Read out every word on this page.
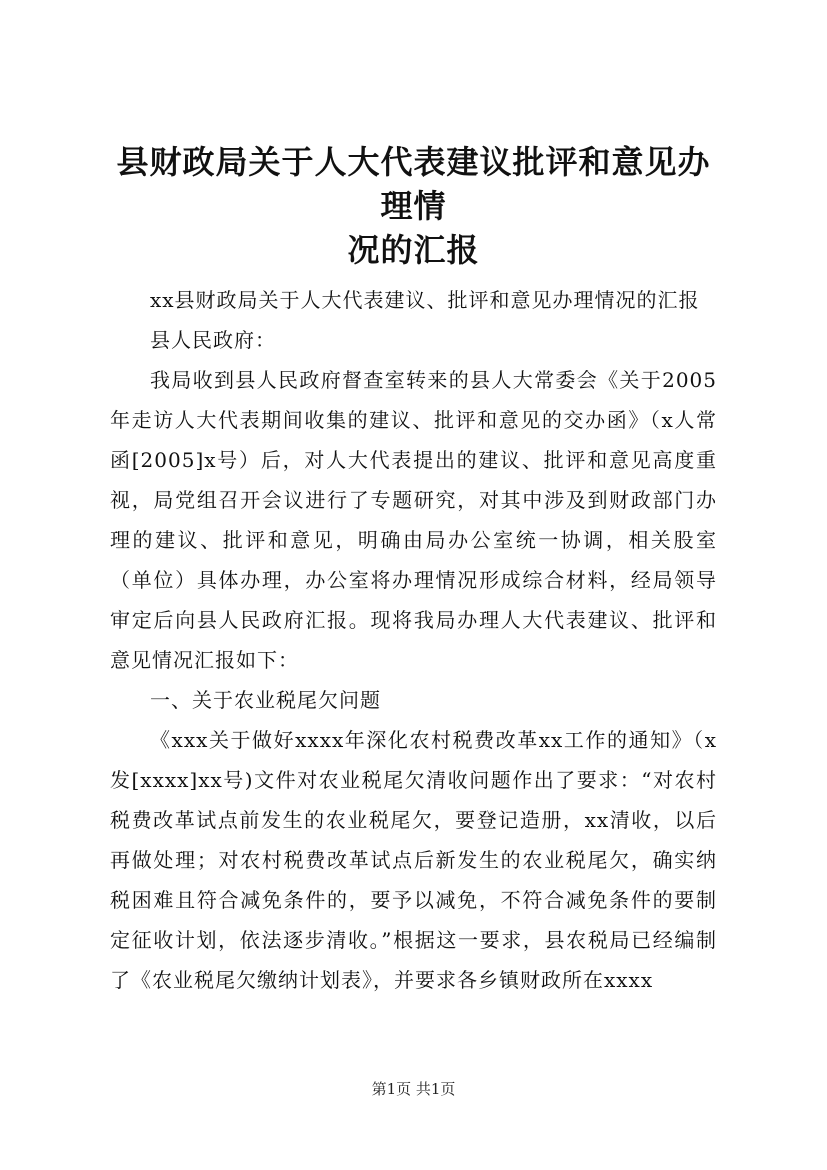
县财政局关于人大代表建议批评和意见办理情
况的汇报

xx县财政局关于人大代表建议、批评和意见办理情况的汇报

县人民政府：

我局收到县人民政府督查室转来的县人大常委会《关于2005年走访人大代表期间收集的建议、批评和意见的交办函》（x人常函[2005]x号）后，对人大代表提出的建议、批评和意见高度重视，局党组召开会议进行了专题研究，对其中涉及到财政部门办理的建议、批评和意见，明确由局办公室统一协调，相关股室（单位）具体办理，办公室将办理情况形成综合材料，经局领导审定后向县人民政府汇报。现将我局办理人大代表建议、批评和意见情况汇报如下：

一、关于农业税尾欠问题

《xxx关于做好xxxx年深化农村税费改革xx工作的通知》（x发[xxxx]xx号)文件对农业税尾欠清收问题作出了要求：“对农村税费改革试点前发生的农业税尾欠，要登记造册，xx清收，以后再做处理；对农村税费改革试点后新发生的农业税尾欠，确实纳税困难且符合减免条件的，要予以减免，不符合减免条件的要制定征收计划，依法逐步清收。”根据这一要求，县农税局已经编制了《农业税尾欠缴纳计划表》，并要求各乡镇财政所在xxxx

第1页 共1页
